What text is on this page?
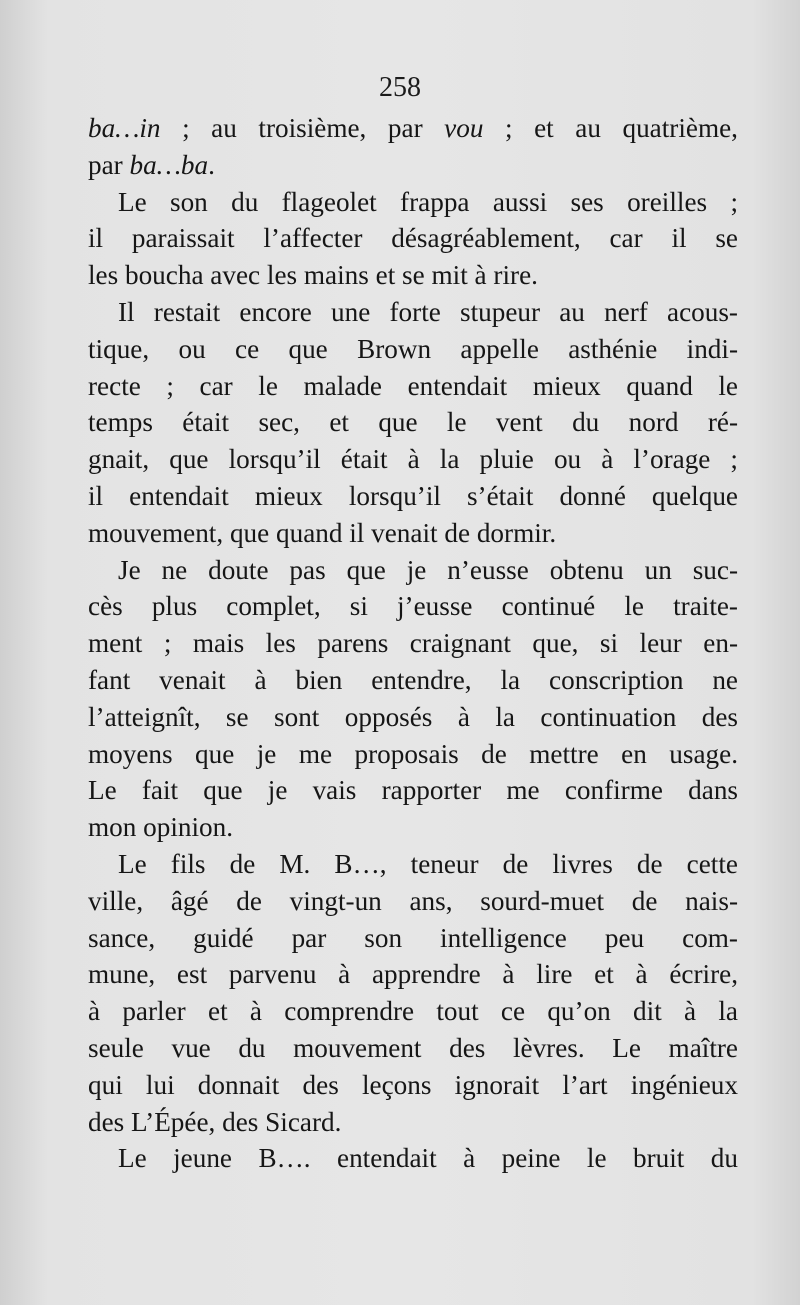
258
ba…in ; au troisième, par vou ; et au quatrième,
par ba…ba.
Le son du flageolet frappa aussi ses oreilles ;
il paraissait l’affecter désagréablement, car il se
les boucha avec les mains et se mit à rire.
Il restait encore une forte stupeur au nerf acous-
tique, ou ce que Brown appelle asthénie indi-
recte ; car le malade entendait mieux quand le
temps était sec, et que le vent du nord ré-
gnait, que lorsqu’il était à la pluie ou à l’orage ;
il entendait mieux lorsqu’il s’était donné quelque
mouvement, que quand il venait de dormir.
Je ne doute pas que je n’eusse obtenu un suc-
cès plus complet, si j’eusse continué le traite-
ment ; mais les parens craignant que, si leur en-
fant venait à bien entendre, la conscription ne
l’atteignît, se sont opposés à la continuation des
moyens que je me proposais de mettre en usage.
Le fait que je vais rapporter me confirme dans
mon opinion.
Le fils de M. B…, teneur de livres de cette
ville, âgé de vingt-un ans, sourd-muet de nais-
sance, guidé par son intelligence peu com-
mune, est parvenu à apprendre à lire et à écrire,
à parler et à comprendre tout ce qu’on dit à la
seule vue du mouvement des lèvres. Le maître
qui lui donnait des leçons ignorait l’art ingénieux
des L’Épée, des Sicard.
Le jeune B…. entendait à peine le bruit du
